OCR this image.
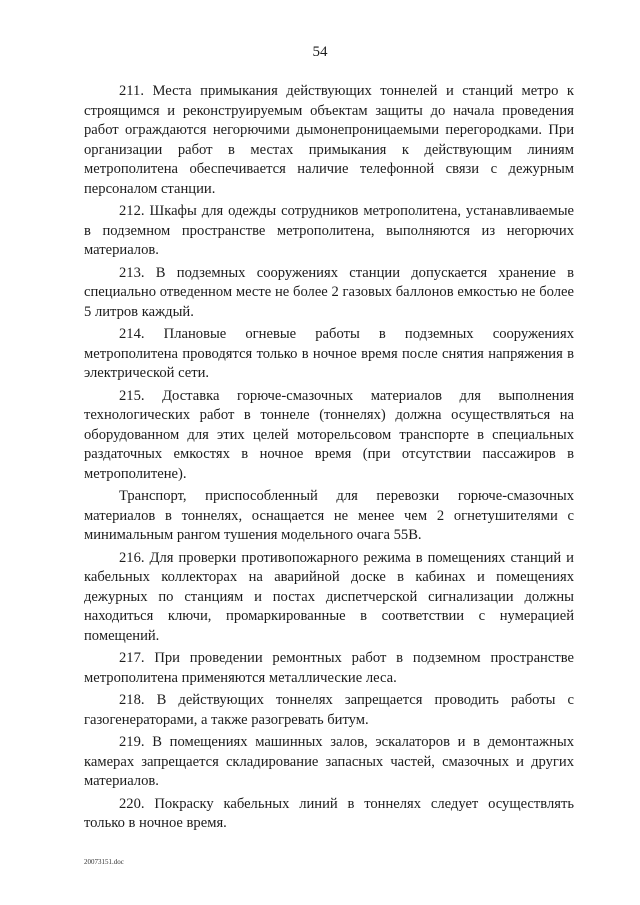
54

211. Места примыкания действующих тоннелей и станций метро к строящимся и реконструируемым объектам защиты до начала проведения работ ограждаются негорючими дымонепроницаемыми перегородками. При организации работ в местах примыкания к действующим линиям метрополитена обеспечивается наличие телефонной связи с дежурным персоналом станции.

212. Шкафы для одежды сотрудников метрополитена, устанавливаемые в подземном пространстве метрополитена, выполняются из негорючих материалов.

213. В подземных сооружениях станции допускается хранение в специально отведенном месте не более 2 газовых баллонов емкостью не более 5 литров каждый.

214. Плановые огневые работы в подземных сооружениях метрополитена проводятся только в ночное время после снятия напряжения в электрической сети.

215. Доставка горюче-смазочных материалов для выполнения технологических работ в тоннеле (тоннелях) должна осуществляться на оборудованном для этих целей моторельсовом транспорте в специальных раздаточных емкостях в ночное время (при отсутствии пассажиров в метрополитене).

Транспорт, приспособленный для перевозки горюче-смазочных материалов в тоннелях, оснащается не менее чем 2 огнетушителями с минимальным рангом тушения модельного очага 55В.

216. Для проверки противопожарного режима в помещениях станций и кабельных коллекторах на аварийной доске в кабинах и помещениях дежурных по станциям и постах диспетчерской сигнализации должны находиться ключи, промаркированные в соответствии с нумерацией помещений.

217. При проведении ремонтных работ в подземном пространстве метрополитена применяются металлические леса.

218. В действующих тоннелях запрещается проводить работы с газогенераторами, а также разогревать битум.

219. В помещениях машинных залов, эскалаторов и в демонтажных камерах запрещается складирование запасных частей, смазочных и других материалов.

220. Покраску кабельных линий в тоннелях следует осуществлять только в ночное время.

20073151.doc
